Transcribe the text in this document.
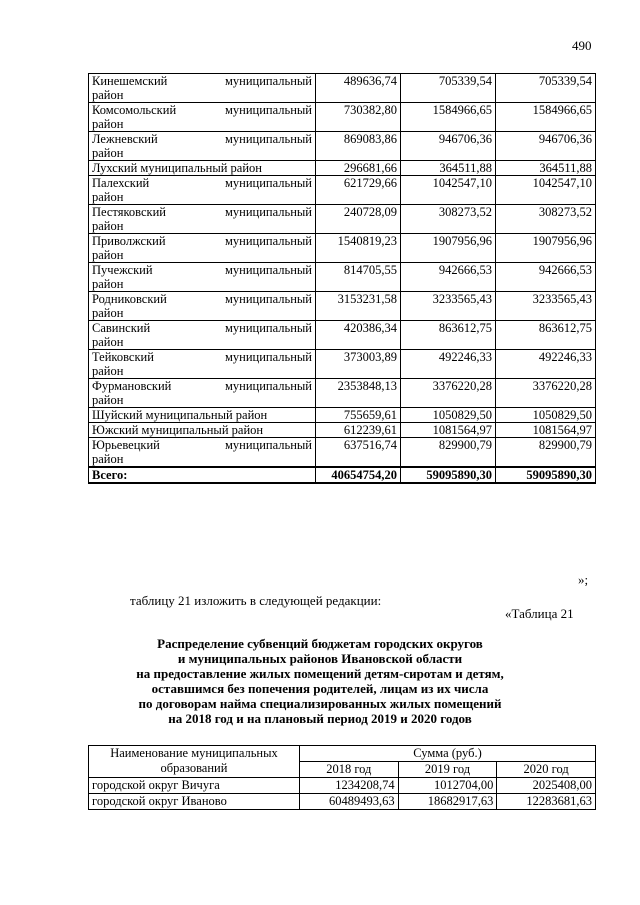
490
Кинешемский муниципальный
район	489636,74	705339,54	705339,54

Комсомольский муниципальный
район	730382,80	1584966,65	1584966,65

Лежневский муниципальный
район	869083,86	946706,36	946706,36
Лухский муниципальный район	296681,66	364511,88	364511,88

Палехский муниципальный
район	621729,66	1042547,10	1042547,10

Пестяковский муниципальный
район	240728,09	308273,52	308273,52

Приволжский муниципальный
район	1540819,23	1907956,96	1907956,96

Пучежский муниципальный
район	814705,55	942666,53	942666,53

Родниковский муниципальный
район	3153231,58	3233565,43	3233565,43

Савинский муниципальный
район	420386,34	863612,75	863612,75

Тейковский муниципальный
район	373003,89	492246,33	492246,33

Фурмановский муниципальный
район	2353848,13	3376220,28	3376220,28
Шуйский муниципальный район	755659,61	1050829,50	1050829,50
Южский муниципальный район	612239,61	1081564,97	1081564,97

Юрьевецкий муниципальный
район	637516,74	829900,79	829900,79
Всего:	40654754,20	59095890,30	59095890,30
»;
таблицу 21 изложить в следующей редакции:
«Таблица 21
Распределение субвенций бюджетам городских округов
и муниципальных районов Ивановской области
на предоставление жилых помещений детям-сиротам и детям,
оставшимся без попечения родителей, лицам из их числа
по договорам найма специализированных жилых помещений
на 2018 год и на плановый период 2019 и 2020 годов
Наименование муниципальных образований	Сумма (руб.)		
	2018 год	2019 год	2020 год
городской округ Вичуга	1234208,74	1012704,00	2025408,00
городской округ Иваново	60489493,63	18682917,63	12283681,63
